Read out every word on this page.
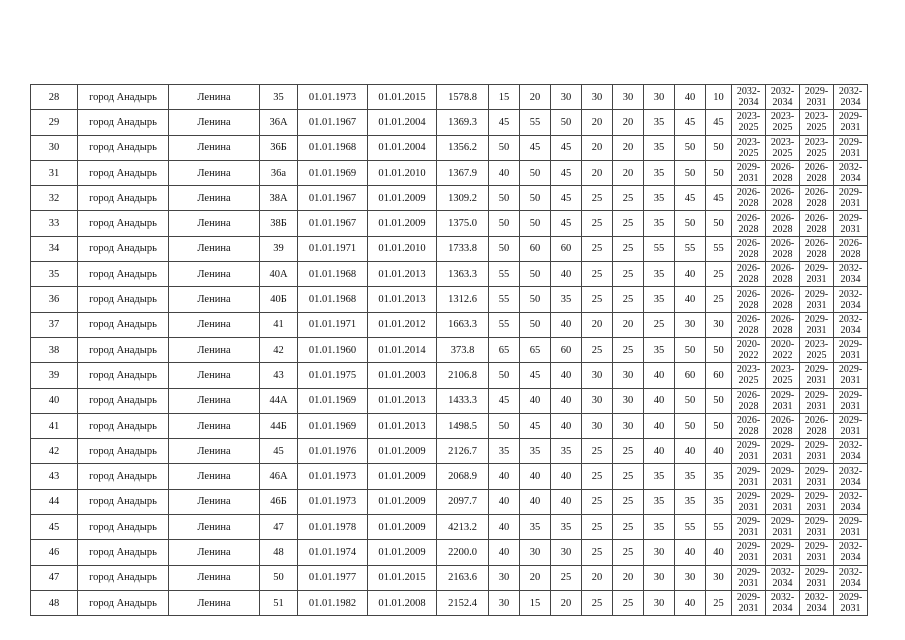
28	город Анадырь	Ленина	35	01.01.1973	01.01.2015	1578.8	15	20	30	30	30	30	40	10	2032-2034	2032-2034	2029-2031	2032-2034
29	город Анадырь	Ленина	36А	01.01.1967	01.01.2004	1369.3	45	55	50	20	20	35	45	45	2023-2025	2023-2025	2023-2025	2029-2031
30	город Анадырь	Ленина	36Б	01.01.1968	01.01.2004	1356.2	50	45	45	20	20	35	50	50	2023-2025	2023-2025	2023-2025	2029-2031
31	город Анадырь	Ленина	36а	01.01.1969	01.01.2010	1367.9	40	50	45	20	20	35	50	50	2029-2031	2026-2028	2026-2028	2032-2034
32	город Анадырь	Ленина	38А	01.01.1967	01.01.2009	1309.2	50	50	45	25	25	35	45	45	2026-2028	2026-2028	2026-2028	2029-2031
33	город Анадырь	Ленина	38Б	01.01.1967	01.01.2009	1375.0	50	50	45	25	25	35	50	50	2026-2028	2026-2028	2026-2028	2029-2031
34	город Анадырь	Ленина	39	01.01.1971	01.01.2010	1733.8	50	60	60	25	25	55	55	55	2026-2028	2026-2028	2026-2028	2026-2028
35	город Анадырь	Ленина	40А	01.01.1968	01.01.2013	1363.3	55	50	40	25	25	35	40	25	2026-2028	2026-2028	2029-2031	2032-2034
36	город Анадырь	Ленина	40Б	01.01.1968	01.01.2013	1312.6	55	50	35	25	25	35	40	25	2026-2028	2026-2028	2029-2031	2032-2034
37	город Анадырь	Ленина	41	01.01.1971	01.01.2012	1663.3	55	50	40	20	20	25	30	30	2026-2028	2026-2028	2029-2031	2032-2034
38	город Анадырь	Ленина	42	01.01.1960	01.01.2014	373.8	65	65	60	25	25	35	50	50	2020-2022	2020-2022	2023-2025	2029-2031
39	город Анадырь	Ленина	43	01.01.1975	01.01.2003	2106.8	50	45	40	30	30	40	60	60	2023-2025	2023-2025	2029-2031	2029-2031
40	город Анадырь	Ленина	44А	01.01.1969	01.01.2013	1433.3	45	40	40	30	30	40	50	50	2026-2028	2029-2031	2029-2031	2029-2031
41	город Анадырь	Ленина	44Б	01.01.1969	01.01.2013	1498.5	50	45	40	30	30	40	50	50	2026-2028	2026-2028	2026-2028	2029-2031
42	город Анадырь	Ленина	45	01.01.1976	01.01.2009	2126.7	35	35	35	25	25	40	40	40	2029-2031	2029-2031	2029-2031	2032-2034
43	город Анадырь	Ленина	46А	01.01.1973	01.01.2009	2068.9	40	40	40	25	25	35	35	35	2029-2031	2029-2031	2029-2031	2032-2034
44	город Анадырь	Ленина	46Б	01.01.1973	01.01.2009	2097.7	40	40	40	25	25	35	35	35	2029-2031	2029-2031	2029-2031	2032-2034
45	город Анадырь	Ленина	47	01.01.1978	01.01.2009	4213.2	40	35	35	25	25	35	55	55	2029-2031	2029-2031	2029-2031	2029-2031
46	город Анадырь	Ленина	48	01.01.1974	01.01.2009	2200.0	40	30	30	25	25	30	40	40	2029-2031	2029-2031	2029-2031	2032-2034
47	город Анадырь	Ленина	50	01.01.1977	01.01.2015	2163.6	30	20	25	20	20	30	30	30	2029-2031	2032-2034	2029-2031	2032-2034
48	город Анадырь	Ленина	51	01.01.1982	01.01.2008	2152.4	30	15	20	25	25	30	40	25	2029-2031	2032-2034	2032-2034	2029-2031
